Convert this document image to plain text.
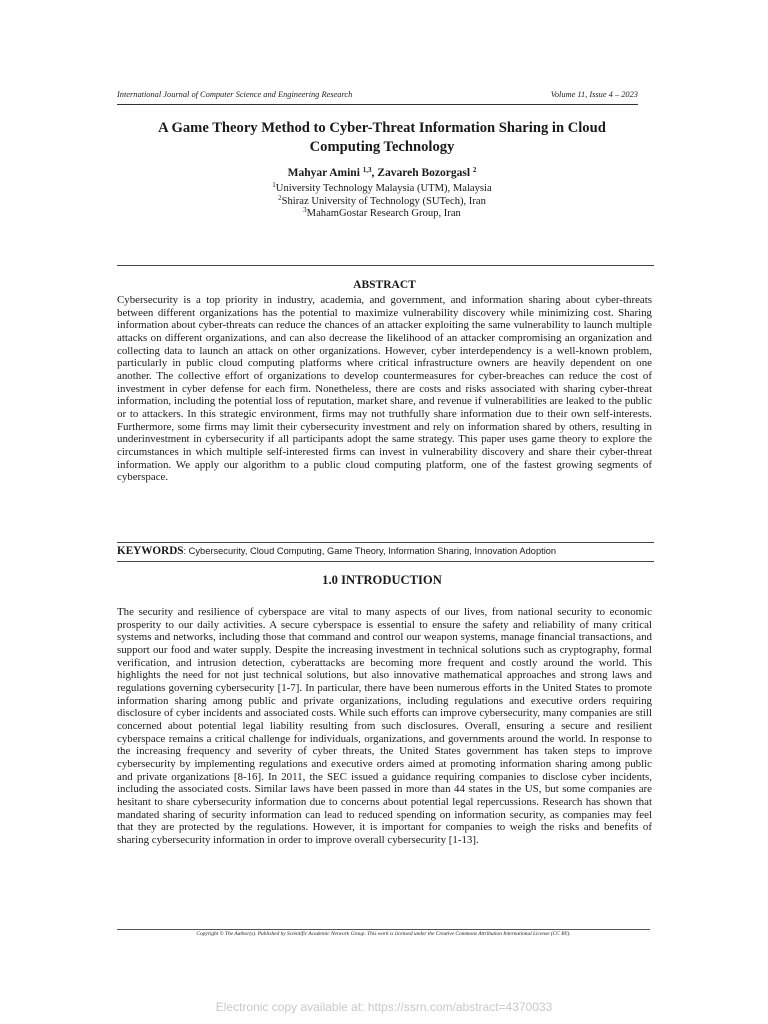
International Journal of Computer Science and Engineering Research	Volume 11, Issue 4 – 2023
A Game Theory Method to Cyber-Threat Information Sharing in Cloud
Computing Technology
Mahyar Amini $^{1,3}$, Zavareh Bozorgasl $^2$
$^1$University Technology Malaysia (UTM), Malaysia
$^2$Shiraz University of Technology (SUTech), Iran
$^3$MahamGostar Research Group, Iran
ABSTRACT
Cybersecurity is a top priority in industry, academia, and government, and information sharing about cyber-threats between different organizations has the potential to maximize vulnerability discovery while minimizing cost. Sharing information about cyber-threats can reduce the chances of an attacker exploiting the same vulnerability to launch multiple attacks on different organizations, and can also decrease the likelihood of an attacker compromising an organization and collecting data to launch an attack on other organizations. However, cyber interdependency is a well-known problem, particularly in public cloud computing platforms where critical infrastructure owners are heavily dependent on one another. The collective effort of organizations to develop countermeasures for cyber-breaches can reduce the cost of investment in cyber defense for each firm. Nonetheless, there are costs and risks associated with sharing cyber-threat information, including the potential loss of reputation, market share, and revenue if vulnerabilities are leaked to the public or to attackers. In this strategic environment, firms may not truthfully share information due to their own self-interests. Furthermore, some firms may limit their cybersecurity investment and rely on information shared by others, resulting in underinvestment in cybersecurity if all participants adopt the same strategy. This paper uses game theory to explore the circumstances in which multiple self-interested firms can invest in vulnerability discovery and share their cyber-threat information. We apply our algorithm to a public cloud computing platform, one of the fastest growing segments of cyberspace.
KEYWORDS: Cybersecurity, Cloud Computing, Game Theory, Information Sharing, Innovation Adoption
1.0 INTRODUCTION
The security and resilience of cyberspace are vital to many aspects of our lives, from national security to economic prosperity to our daily activities. A secure cyberspace is essential to ensure the safety and reliability of many critical systems and networks, including those that command and control our weapon systems, manage financial transactions, and support our food and water supply. Despite the increasing investment in technical solutions such as cryptography, formal verification, and intrusion detection, cyberattacks are becoming more frequent and costly around the world. This highlights the need for not just technical solutions, but also innovative mathematical approaches and strong laws and regulations governing cybersecurity [1-7]. In particular, there have been numerous efforts in the United States to promote information sharing among public and private organizations, including regulations and executive orders requiring disclosure of cyber incidents and associated costs. While such efforts can improve cybersecurity, many companies are still concerned about potential legal liability resulting from such disclosures. Overall, ensuring a secure and resilient cyberspace remains a critical challenge for individuals, organizations, and governments around the world. In response to the increasing frequency and severity of cyber threats, the United States government has taken steps to improve cybersecurity by implementing regulations and executive orders aimed at promoting information sharing among public and private organizations [8-16]. In 2011, the SEC issued a guidance requiring companies to disclose cyber incidents, including the associated costs. Similar laws have been passed in more than 44 states in the US, but some companies are hesitant to share cybersecurity information due to concerns about potential legal repercussions. Research has shown that mandated sharing of security information can lead to reduced spending on information security, as companies may feel that they are protected by the regulations. However, it is important for companies to weigh the risks and benefits of sharing cybersecurity information in order to improve overall cybersecurity [1-13].
Copyright © The Author(s). Published by Scientific Academic Network Group. This work is licensed under the Creative Commons Attribution International License (CC BY).
Electronic copy available at: https://ssrn.com/abstract=4370033
